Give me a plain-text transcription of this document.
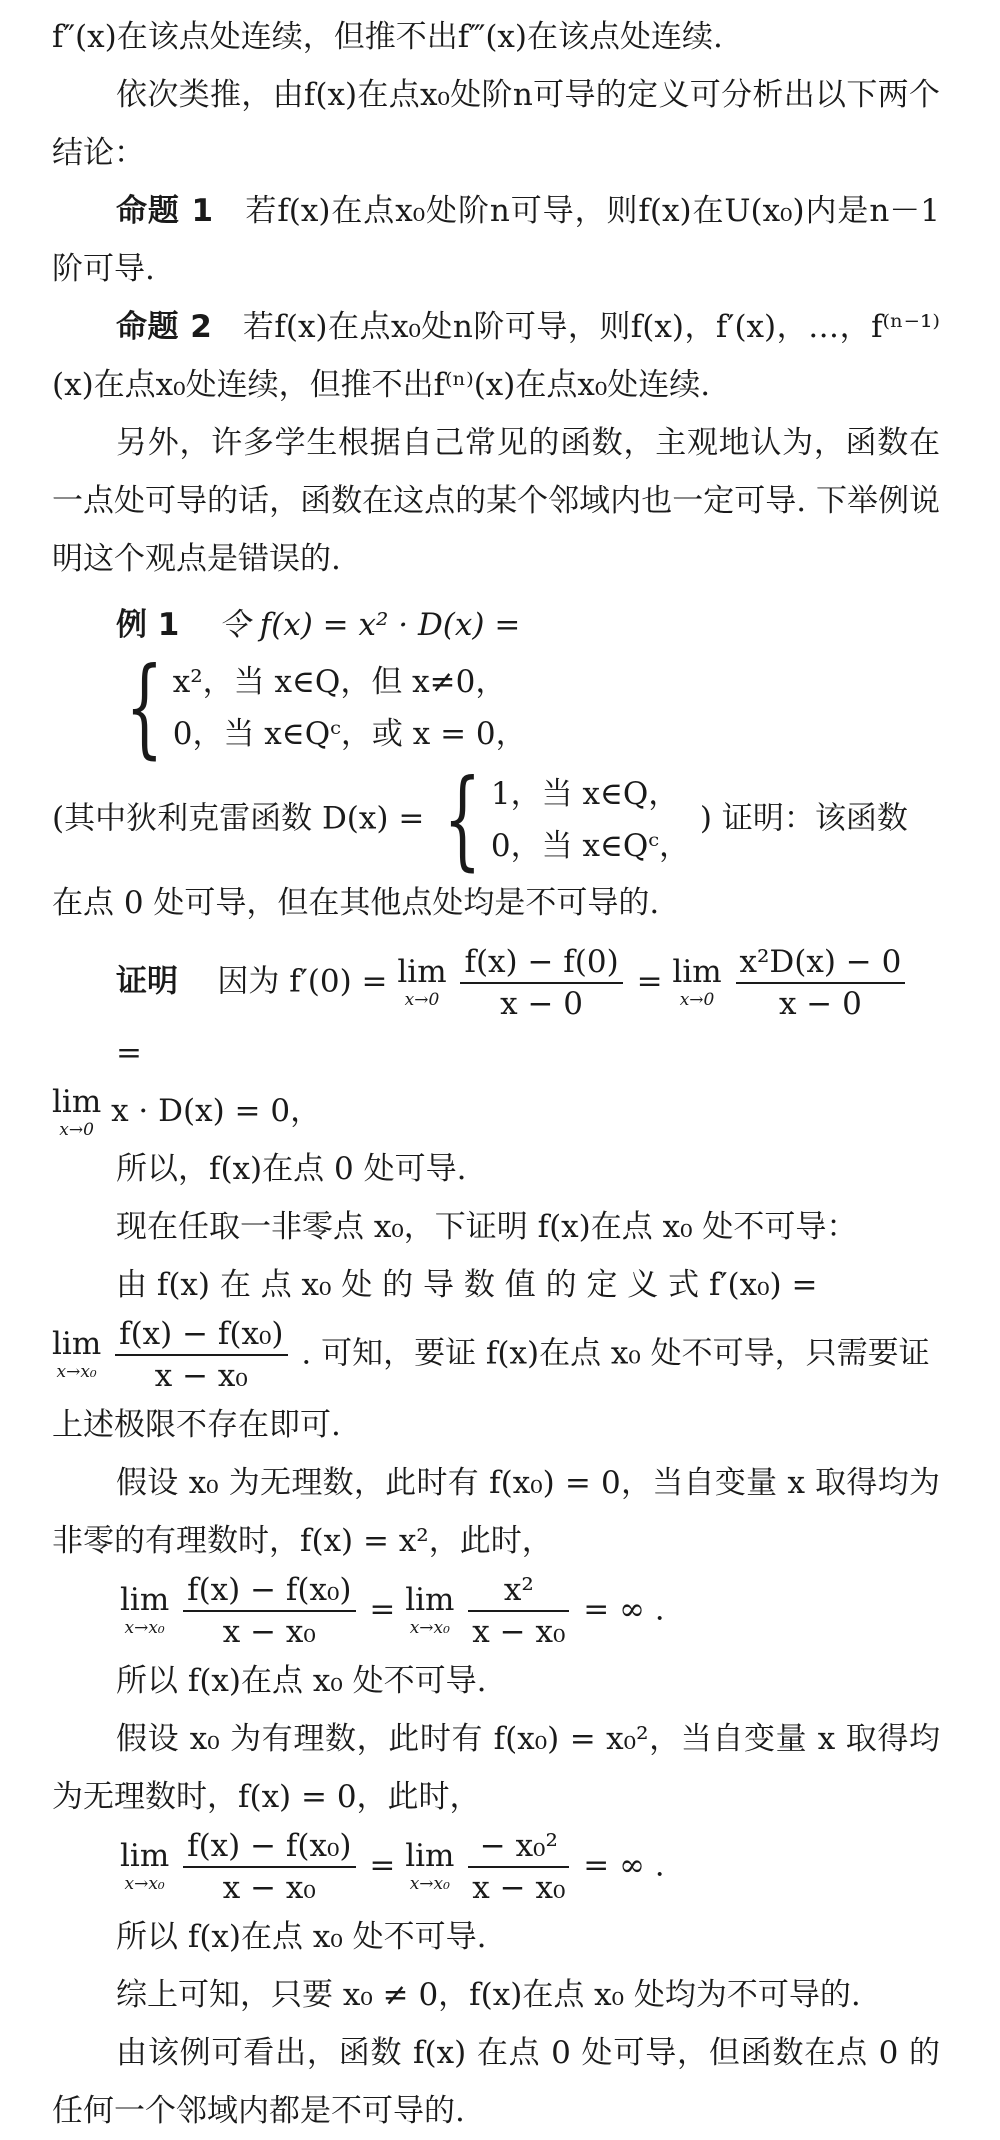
f″(x)在该点处连续，但推不出f‴(x)在该点处连续.

依次类推，由f(x)在点x₀处阶n可导的定义可分析出以下两个结论：

命题 1 若f(x)在点x₀处阶n可导，则f(x)在U(x₀)内是n－1阶可导.

命题 2 若f(x)在点x₀处n阶可导，则f(x)，f′(x)，…，f⁽ⁿ⁻¹⁾(x)在点x₀处连续，但推不出f⁽ⁿ⁾(x)在点x₀处连续.

另外，许多学生根据自己常见的函数，主观地认为，函数在一点处可导的话，函数在这点的某个邻域内也一定可导. 下举例说明这个观点是错误的.

例 1 令 f(x) = x² · D(x) =
{ x²，当 x∈Q，但 x≠0，
0，当 x∈Qᶜ，或 x = 0，
(其中狄利克雷函数 D(x) = { 1，当 x∈Q，
0，当 x∈Qᶜ，
) 证明：该函数

在点 0 处可导，但在其他点处均是不可导的.

证明 因为 f′(0) = lim
x→0
$\frac{f(x) - f(0)}{x - 0} = \lim$
x→0
$\frac{\text{x²D(x) − 0}}{x - 0}$
=
lim
x→0
x · D(x) = 0，

所以，f(x)在点 0 处可导.

现在任取一非零点 x₀，下证明 f(x)在点 x₀ 处不可导：

由 f(x) 在 点 x₀ 处 的 导 数 值 的 定 义 式 f′(x₀) =

lim
x→x₀
$\frac{\text{f(x) − f(x₀)}}{\text{x − x₀}}$ . 可知，要证 f(x)在点 x₀ 处不可导，只需要证上述极限不存在即可.

假设 x₀ 为无理数，此时有 f(x₀) = 0，当自变量 x 取得均为非零的有理数时，f(x) = x²，此时，

lim
x→x₀
$\frac{\text{f(x) − f(x₀)}}{\text{x − x₀}} = \lim$
x→x₀
$\frac{\text{x²}}{\text{x − x₀}}$ = ∞ .

所以 f(x)在点 x₀ 处不可导.

假设 x₀ 为有理数，此时有 f(x₀) = x₀²，当自变量 x 取得均为无理数时，f(x) = 0，此时，

lim
x→x₀
$\frac{\text{f(x) − f(x₀)}}{\text{x − x₀}} = \lim$
x→x₀
$\frac{\text{− x₀²}}{\text{x − x₀}}$ = ∞ .

所以 f(x)在点 x₀ 处不可导.

综上可知，只要 x₀ ≠ 0，f(x)在点 x₀ 处均为不可导的.

由该例可看出，函数 f(x) 在点 0 处可导，但函数在点 0 的任何一个邻域内都是不可导的.
